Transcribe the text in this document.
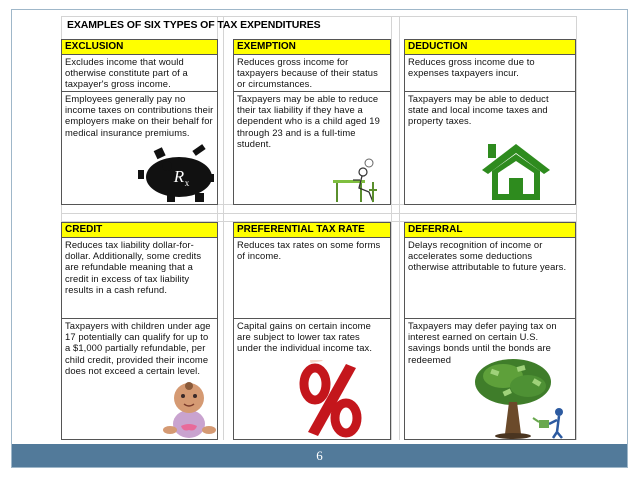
EXAMPLES OF SIX TYPES OF TAX EXPENDITURES
EXCLUSION
Excludes income that would otherwise constitute part of a taxpayer's gross income.
Employees generally pay no income taxes on contributions their employers make on their behalf for medical insurance premiums.
EXEMPTION
Reduces gross income for taxpayers because of their status or circumstances.
Taxpayers may be able to reduce their tax liability if they have a dependent who is a child aged 19 through 23 and is a full-time student.
DEDUCTION
Reduces gross income due to expenses taxpayers incur.
Taxpayers may be able to deduct state and local income taxes and property taxes.
CREDIT
Reduces tax liability dollar-for-dollar. Additionally, some credits are refundable meaning that a credit in excess of tax liability results in a cash refund.
Taxpayers with children under age 17 potentially can qualify for up to a $1,000 partially refundable, per child credit, provided their income does not exceed a certain level.
PREFERENTIAL TAX RATE
Reduces tax rates on some forms of income.
Capital gains on certain income are subject to lower tax rates under the individual income tax.
DEFERRAL
Delays recognition of income or accelerates some deductions otherwise attributable to future years.
Taxpayers may defer paying tax on interest earned on certain U.S. savings bonds until the bonds are redeemed
R x
6
